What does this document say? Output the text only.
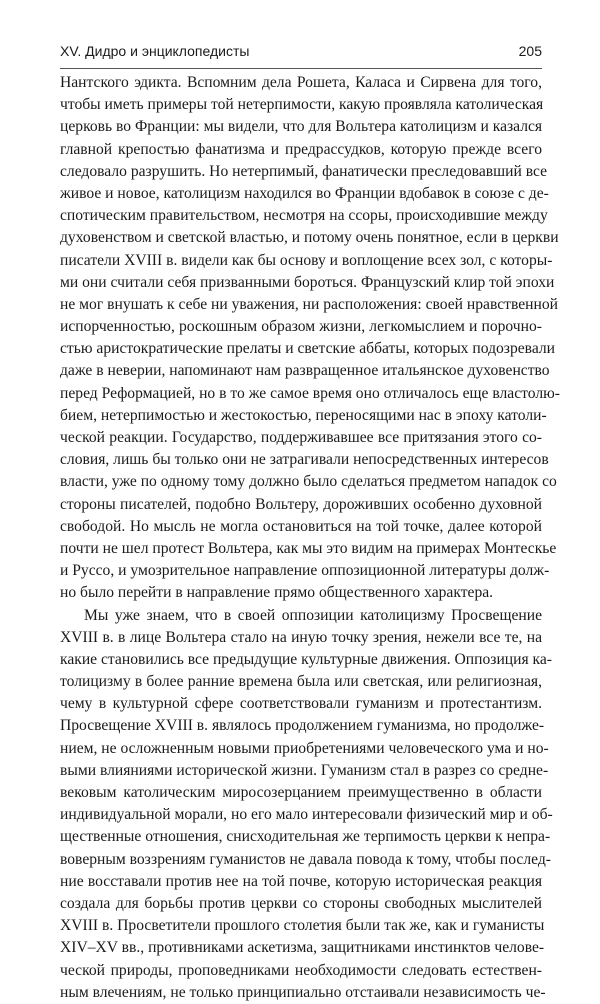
XV. Дидро и энциклопедисты	205
Нантского эдикта. Вспомним дела Рошета, Каласа и Сирвена для того,
чтобы иметь примеры той нетерпимости, какую проявляла католическая
церковь во Франции: мы видели, что для Вольтера католицизм и казался
главной крепостью фанатизма и предрассудков, которую прежде всего
следовало разрушить. Но нетерпимый, фанатически преследовавший все
живое и новое, католицизм находился во Франции вдобавок в союзе с де-
спотическим правительством, несмотря на ссоры, происходившие между
духовенством и светской властью, и потому очень понятное, если в церкви
писатели XVIII в. видели как бы основу и воплощение всех зол, с которы-
ми они считали себя призванными бороться. Французский клир той эпохи
не мог внушать к себе ни уважения, ни расположения: своей нравственной
испорченностью, роскошным образом жизни, легкомыслием и порочно-
стью аристократические прелаты и светские аббаты, которых подозревали
даже в неверии, напоминают нам развращенное итальянское духовенство
перед Реформацией, но в то же самое время оно отличалось еще властолю-
бием, нетерпимостью и жестокостью, переносящими нас в эпоху католи-
ческой реакции. Государство, поддерживавшее все притязания этого со-
словия, лишь бы только они не затрагивали непосредственных интересов
власти, уже по одному тому должно было сделаться предметом нападок со
стороны писателей, подобно Вольтеру, дороживших особенно духовной
свободой. Но мысль не могла остановиться на той точке, далее которой
почти не шел протест Вольтера, как мы это видим на примерах Монтескье
и Руссо, и умозрительное направление оппозиционной литературы долж-
но было перейти в направление прямо общественного характера.
Мы уже знаем, что в своей оппозиции католицизму Просвещение
XVIII в. в лице Вольтера стало на иную точку зрения, нежели все те, на
какие становились все предыдущие культурные движения. Оппозиция ка-
толицизму в более ранние времена была или светская, или религиозная,
чему в культурной сфере соответствовали гуманизм и протестантизм.
Просвещение XVIII в. являлось продолжением гуманизма, но продолже-
нием, не осложненным новыми приобретениями человеческого ума и но-
выми влияниями исторической жизни. Гуманизм стал в разрез со средне-
вековым католическим миросозерцанием преимущественно в области
индивидуальной морали, но его мало интересовали физический мир и об-
щественные отношения, снисходительная же терпимость церкви к непра-
воверным воззрениям гуманистов не давала повода к тому, чтобы послед-
ние восставали против нее на той почве, которую историческая реакция
создала для борьбы против церкви со стороны свободных мыслителей
XVIII в. Просветители прошлого столетия были так же, как и гуманисты
XIV–XV вв., противниками аскетизма, защитниками инстинктов челове-
ческой природы, проповедниками необходимости следовать естествен-
ным влечениям, не только принципиально отстаивали независимость че-
